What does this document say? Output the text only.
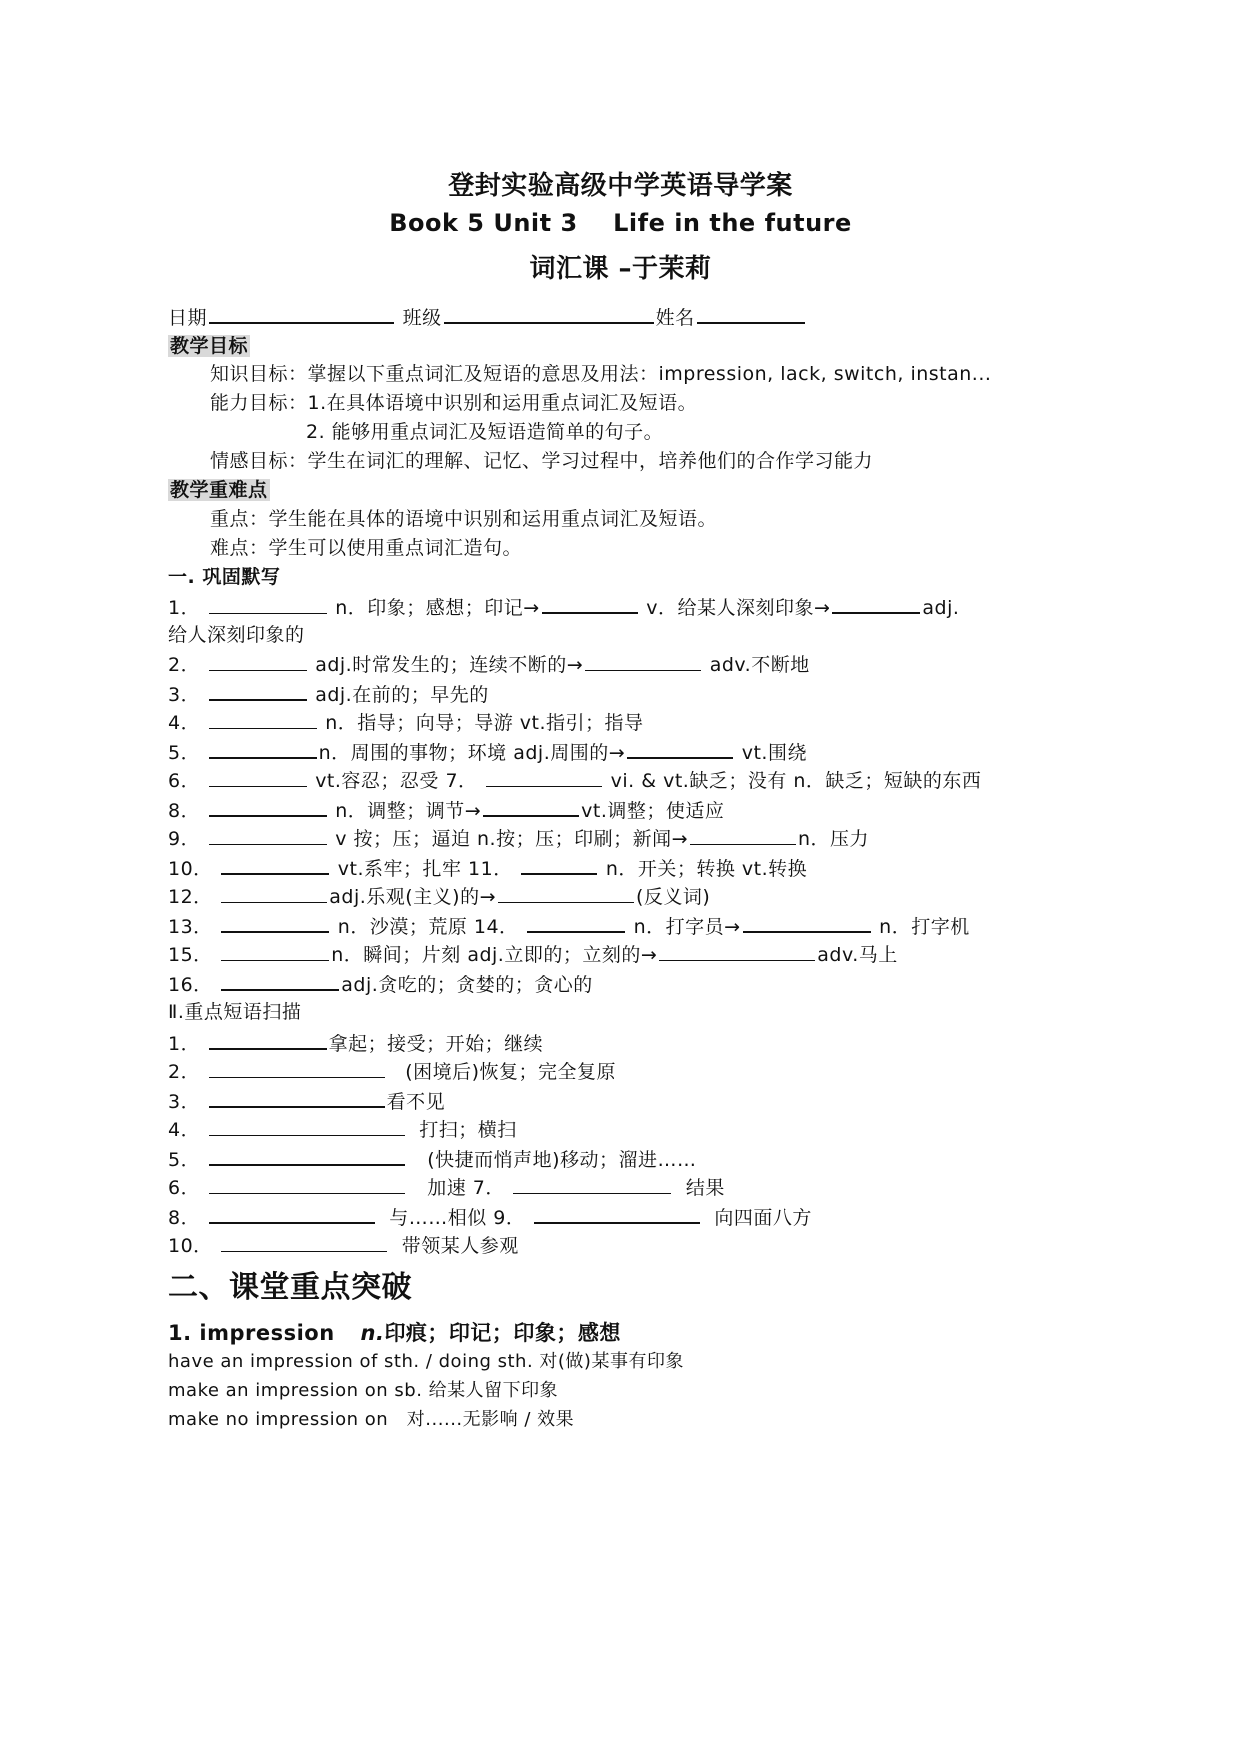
登封实验高级中学英语导学案
Book 5 Unit 3    Life in the future
词汇课 –于茉莉
日期	班级	姓名
教学目标
知识目标：掌握以下重点词汇及短语的意思及用法：impression, lack, switch, instan...
能力目标：1.在具体语境中识别和运用重点词汇及短语。
2. 能够用重点词汇及短语造简单的句子。
情感目标：学生在词汇的理解、记忆、学习过程中，培养他们的合作学习能力
教学重难点
重点：学生能在具体的语境中识别和运用重点词汇及短语。
难点：学生可以使用重点词汇造句。
一. 巩固默写
1．	n．印象；感想；印记→	v．给某人深刻印象→	adj.
给人深刻印象的
2．	adj.时常发生的；连续不断的→	adv.不断地
3．	adj.在前的；早先的
4．	n．指导；向导；导游 vt.指引；指导
5．	n．周围的事物；环境 adj.周围的→	vt.围绕
6．	vt.容忍；忍受 7．	vi. & vt.缺乏；没有 n．缺乏；短缺的东西
8．	n．调整；调节→	vt.调整；使适应
9．	v 按；压；逼迫 n.按；压；印刷；新闻→	n．压力
10．	vt.系牢；扎牢 11．	n．开关；转换 vt.转换
12．	adj.乐观(主义)的→	(反义词)
13．	n．沙漠；荒原 14．	n．打字员→	n．打字机
15．	n．瞬间；片刻 adj.立即的；立刻的→	adv.马上
16．	adj.贪吃的；贪婪的；贪心的
Ⅱ.重点短语扫描
1．	拿起；接受；开始；继续
2．	(困境后)恢复；完全复原
3．	看不见
4．	打扫；横扫
5．	(快捷而悄声地)移动；溜进……
6．	加速 7．	结果
8．	与……相似 9．	向四面八方
10．	带领某人参观
二、课堂重点突破
1. impression n.印痕；印记；印象；感想
have an impression of sth. / doing sth. 对(做)某事有印象
make an impression on sb. 给某人留下印象
make no impression on   对......无影响 / 效果
